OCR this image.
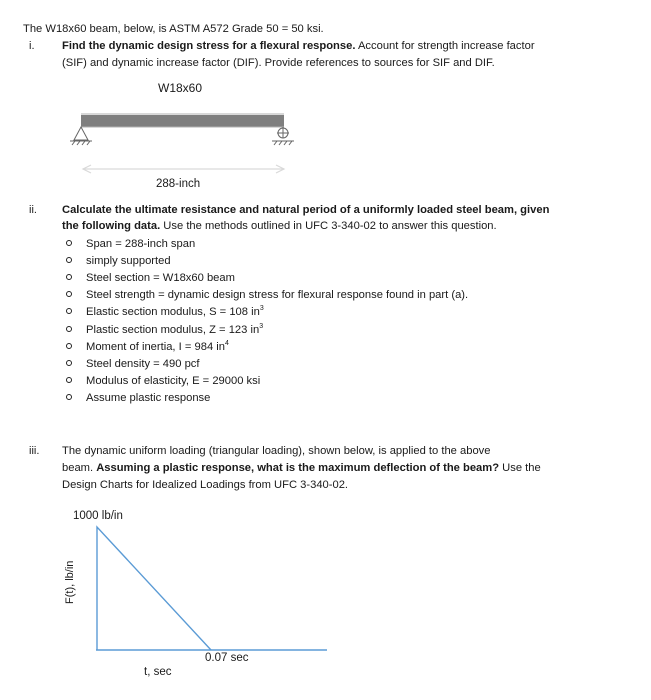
The W18x60 beam, below, is ASTM A572 Grade 50 = 50 ksi.
i. Find the dynamic design stress for a flexural response. Account for strength increase factor
(SIF) and dynamic increase factor (DIF). Provide references to sources for SIF and DIF.
W18x60
288-inch
ii. Calculate the ultimate resistance and natural period of a uniformly loaded steel beam, given
the following data. Use the methods outlined in UFC 3-340-02 to answer this question.
Span = 288-inch span
simply supported
Steel section = W18x60 beam
Steel strength = dynamic design stress for flexural response found in part (a).
Elastic section modulus, S = 108 $in^3$
Plastic section modulus, Z = 123 $in^3$
Moment of inertia, I = 984 $in^4$
Steel density = 490 pcf
Modulus of elasticity, E = 29000 ksi
Assume plastic response
iii. The dynamic uniform loading (triangular loading), shown below, is applied to the above
beam. Assuming a plastic response, what is the maximum deflection of the beam? Use the
Design Charts for Idealized Loadings from UFC 3-340-02.
1000 lb/in
F(t), lb/in
0.07 sec
t, sec
